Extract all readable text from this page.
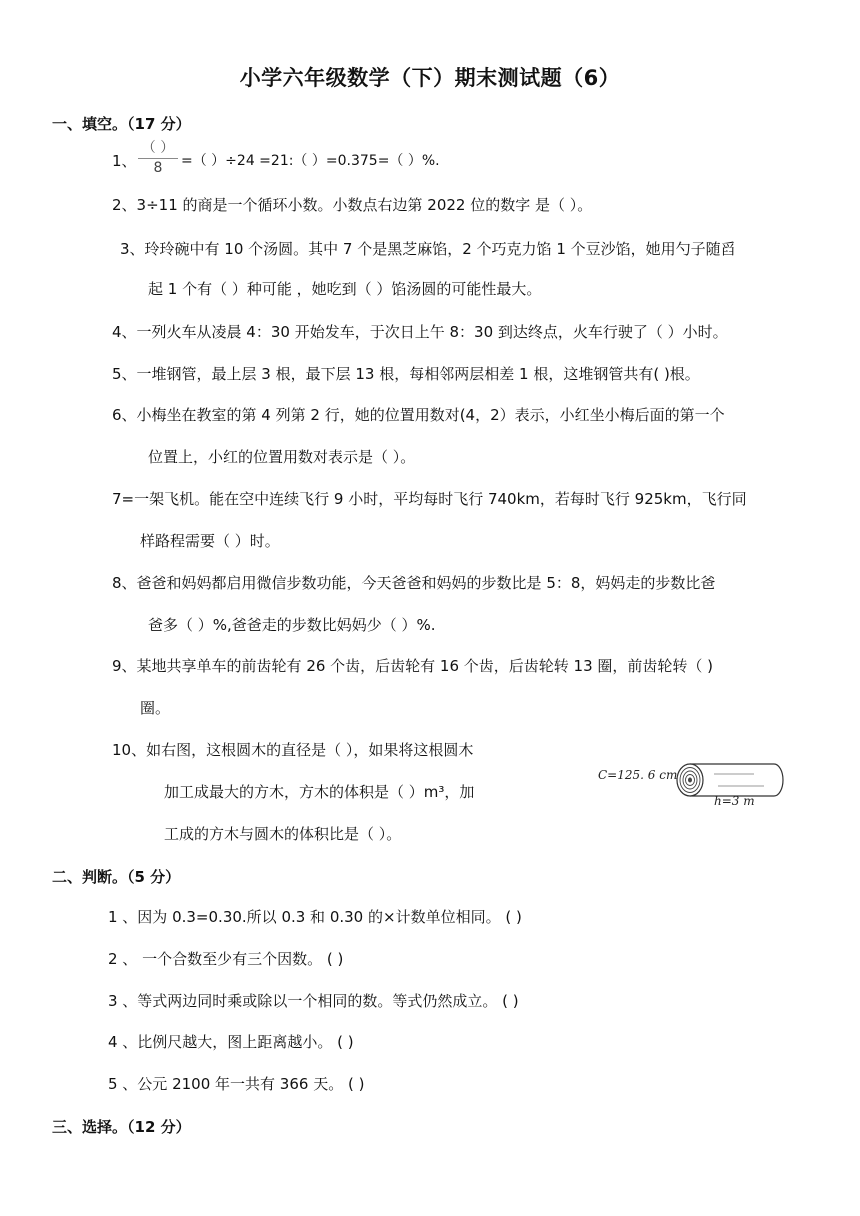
小学六年级数学（下）期末测试题（6）
一、填空。（17 分）
1、
（ ）
8	=（ ）÷24 =21:（ ）=0.375=（ ）%.
2、3÷11 的商是一个循环小数。小数点右边第 2022 位的数字 是（ ）。
3、玲玲碗中有 10 个汤圆。其中 7 个是黑芝麻馅，2 个巧克力馅 1 个豆沙馅，她用勺子随舀
起 1 个有（ ）种可能 ，她吃到（ ）馅汤圆的可能性最大。
4、一列火车从凌晨 4：30 开始发车，于次日上午 8：30 到达终点，火车行驶了（ ）小时。
5、一堆钢管，最上层 3 根，最下层 13 根，每相邻两层相差 1 根，这堆钢管共有( )根。
6、小梅坐在教室的第 4 列第 2 行，她的位置用数对(4，2）表示，小红坐小梅后面的第一个
位置上，小红的位置用数对表示是（ ）。
7=一架飞机。能在空中连续飞行 9 小时，平均每时飞行 740km，若每时飞行 925km，飞行同
样路程需要（ ）时。
8、爸爸和妈妈都启用微信步数功能，今天爸爸和妈妈的步数比是 5：8，妈妈走的步数比爸
爸多（ ）%,爸爸走的步数比妈妈少（ ）%.
9、某地共享单车的前齿轮有 26 个齿，后齿轮有 16 个齿，后齿轮转 13 圈，前齿轮转（ )
圈。
10、如右图，这根圆木的直径是（ ），如果将这根圆木
加工成最大的方木，方木的体积是（ ）m³，加
工成的方木与圆木的体积比是（ ）。
C=125. 6 cm
h=3 m
二、判断。（5 分）
1 、因为 0.3=0.30.所以 0.3 和 0.30 的×计数单位相同。 ( )
2 、 一个合数至少有三个因数。 ( )
3 、等式两边同时乘或除以一个相同的数。等式仍然成立。 ( )
4 、比例尺越大，图上距离越小。 ( )
5 、公元 2100 年一共有 366 天。 ( )
三、选择。（12 分）
